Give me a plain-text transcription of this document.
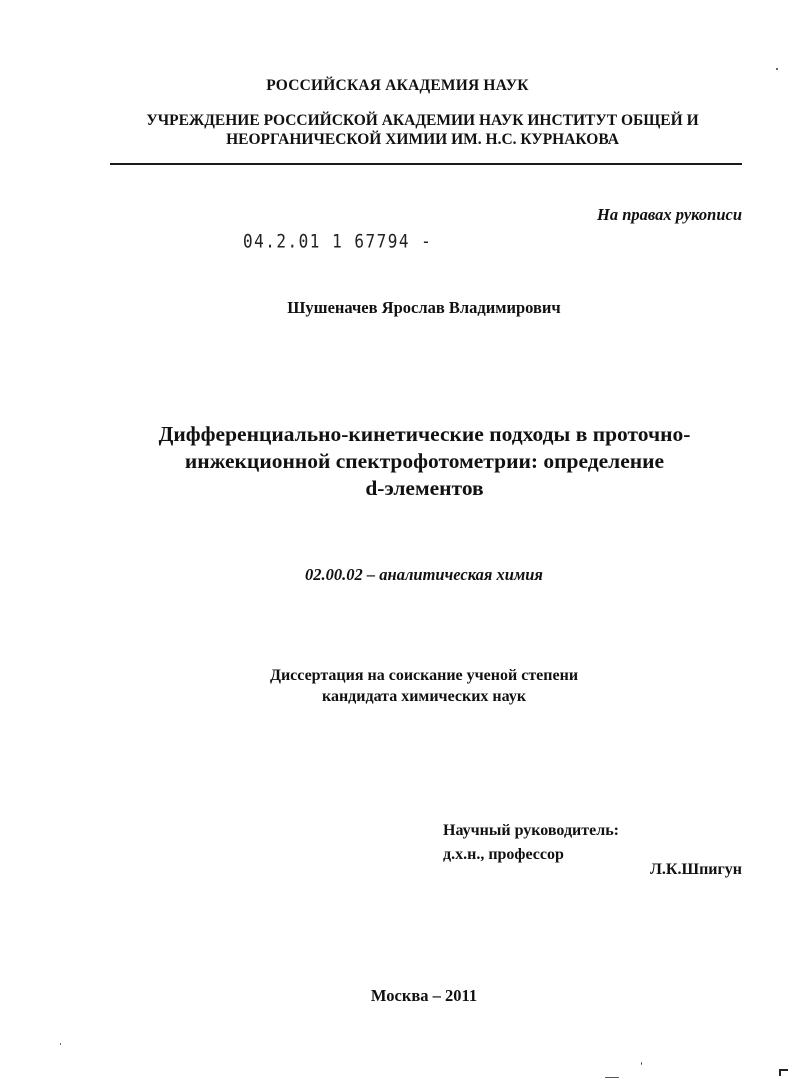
РОССИЙСКАЯ АКАДЕМИЯ НАУК
УЧРЕЖДЕНИЕ РОССИЙСКОЙ АКАДЕМИИ НАУК ИНСТИТУТ ОБЩЕЙ И
НЕОРГАНИЧЕСКОЙ ХИМИИ ИМ. Н.С. КУРНАКОВА
На правах рукописи
04.2.01 1 67794 -
Шушеначев Ярослав Владимирович
Дифференциально-кинетические подходы в проточно-
инжекционной спектрофотометрии: определение
d-элементов
02.00.02 – аналитическая химия
Диссертация на соискание ученой степени
кандидата химических наук
Научный руководитель:
д.х.н., профессор
Л.К.Шпигун
Москва – 2011
